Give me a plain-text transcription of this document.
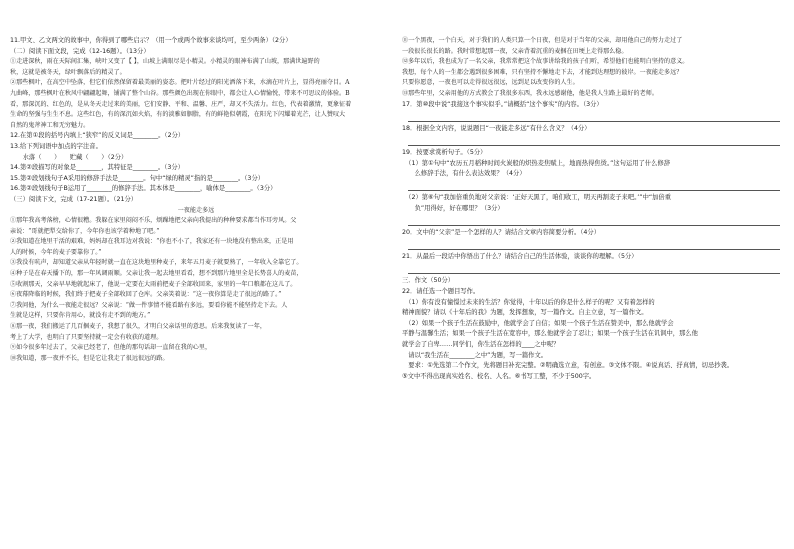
11.甲文、乙文两文的故事中，你得到了哪些启示？（用一个或两个故事来谈均可，至少两条）（2分）
（二）阅读下面文段，完成（12-16题）。（13分）
①走进深秋，雨在天际间汇集，峡叶又变了【 】，山坡上满眼尽是小精灵。小精灵的眼神布满了山坡，那满世遍野的
秋，这就是被冬天，绿叶飘落后的精灵了。
②那些枫叶，在高空中坠落，但它们依然保留着最美丽的姿态。把叶片经过的阳光洒落下来，水滴在叶片上，显得亮丽夺目。A
九曲峰，那些枫叶在秋风中翩翩起舞，铺满了整个山谷。那些颜色出现在你眼中，都会让人心情愉悦，带来不可思议的体验。B
看，那深沉的、红色的，是从冬天走过来的美丽，它们安静、平和、温馨、庄严，却又不失活力。红色，代表着激情，更象征着
生命的坚强与生生不息。这些红色，有的深沉如火焰，有的淡雅如胭脂，有的鲜艳似朝霞，在阳光下闪耀着光芒，让人赞叹大
自然的鬼斧神工和无穷魅力。
12.在第①段的括号内填上“狭窄”的反义词是________。（2分）
13.给下列词语中加点的字注音。
　　水落（　　）　　贮藏（　　）（2分）
14.第②段描写的对象是________，其特征是________。（3分）
15.第②段划线句子A采用的修辞手法是________。句中“绿的精灵”指的是________。（3分）
16.第②段划线句子B运用了________的修辞手法。其本体是________，喻体是________。（3分）
（三）阅读下文，完成（17-21题）。（21分）
一夜能走多远
①那年我高考落榜，心情很糟。我躲在家里闷闷不乐，烦躁地把父亲向我提出的种种要求都当作耳旁风。父
亲说：“哥就把犁交给你了，今年你也该学着种地了吧。”
②我知道在地里干活的艰难，妈妈却在我耳边对我说：“你也不小了，我家还有一块地没有整出来，正是用
人的时候，今年的麦子要靠你了。”
③我没有吭声，却知道父亲从年轻时就一直在这块地里种麦子，来年五月麦子就要熟了，一年收入全靠它了。
④种子是在春天播下的，那一年风调雨顺。父亲让我一起去地里看看，想不到那片地里全是长势喜人的麦苗，
⑤收割那天，父亲早早地就起床了，他说一定要在大雨前把麦子全部收回来，家里的一年口粮都在这儿了。
⑥夜幕降临的时候，我们终于把麦子全部收回了仓库。父亲笑着说：“这一夜你算是走了很远的路了。”
⑦我问他，为什么一夜能走很远？父亲说：“做一件事情不能看路有多远，要看你能不能坚持走下去。人
生就是这样，只要你肯用心，就没有走不到的地方。”
⑧那一夜，我们搬运了几百捆麦子，我想了很久，才明白父亲话里的意思。后来我复读了一年，
考上了大学，也明白了只要坚持就一定会有收获的道理。
⑨如今很多年过去了，父亲已经老了，但他的那句话却一直留在我的心里，
⑩我知道，那一夜并不长，但是它让我走了很远很远的路。
⑪一个黑夜，一个白天，对于我们的人类只算一个日夜，但是对于当年的父亲，却用他自己的努力走过了
一段很长很长的路。我时常想起那一夜，父亲背着沉重的麦捆在田埂上走得那么稳。
⑫多年以后，我也成为了一名父亲，我常常把这个故事讲给我的孩子们听，希望他们也能明白坚持的意义。
我想，每个人的一生都会遇到很多困难，只有坚持不懈地走下去，才能到达理想的彼岸。一夜能走多远？
只要你愿意，一夜也可以走得很远很远，远到足以改变你的人生。
⑬那些年里，父亲用他的方式教会了我很多东西，我永远感谢他，他是我人生路上最好的老师。
17．第⑩段中说“我接这个事实似乎。”请概括“这个事实”的内容。（3分）
18．根据全文内容，说说题目“一夜能走多远”有什么含义？（4分）
19．按要求赏析句子。（5分）
　（1）第①句中“农历五月稻种时间火炭般的炽热麦焦赋上，地面热得焦烫。”这句运用了什么修辞
　　么修辞手法，有什么表达效果？（4分）
　（2）第⑥句“我加倍重负地对父亲说：‘正好天黑了，咱们收工，明天再割麦子来吧。’”中“加倍重
　　负”用得好，好在哪里？（3分）
20．文中的“父亲”是一个怎样的人？请结合文章内容简要分析。（4分）
21．从最后一段话中你悟出了什么？请结合自己的生活体验，谈谈你的理解。（5分）
三．作文（50分）
22．请任选一个题目写作。
　（1）你有没有憧憬过未来的生活？你觉得，十年以后的你是什么样子的呢？又有着怎样的
精神面貌？请以《十年后的我》为题，发挥想象，写一篇作文。自主立意，写一篇作文。
　（2）如果一个孩子生活在鼓励中，他就学会了自信；如果一个孩子生活在赞美中，那么他就学会
平静与温馨生活；如果一个孩子生活在宽容中，那么他就学会了忍让；如果一个孩子生活在讥讽中，那么他
就学会了自卑……同学们，你生活在怎样的____之中呢？
　请以“我生活在________之中”为题，写一篇作文。
　要求：①先选第二个作文，先将题目补充完整。②明确选立意，有创意。③文体不限。④说真话、抒真情，切忌抄袭。
⑤文中不得出现真实姓名、校名、人名。⑥书写工整，不少于500字。
